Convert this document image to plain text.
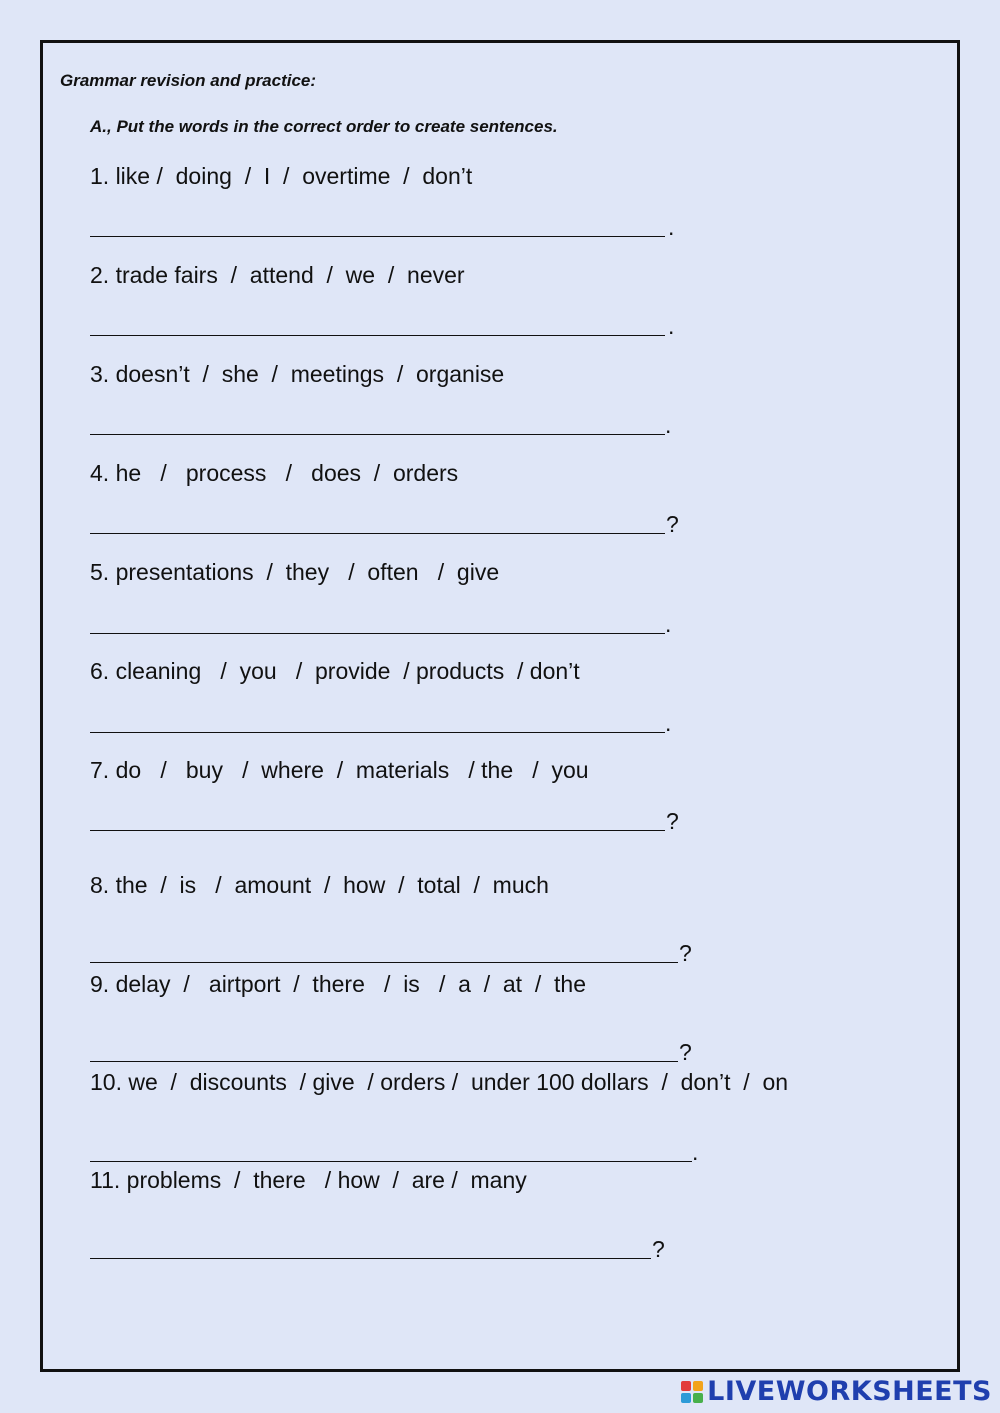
Grammar revision and practice:
A., Put the words in the correct order to create sentences.
1. like /  doing  /  I  /  overtime  /  don’t
.
2. trade fairs  /  attend  /  we  /  never
.
3. doesn’t  /  she  /  meetings  /  organise
.
4. he   /   process   /   does  /  orders
?
5. presentations  /  they   /  often   /  give
.
6. cleaning   /  you   /  provide  / products  / don’t
.
7. do   /   buy   /  where  /  materials   / the   /  you
?
8. the  /  is   /  amount  /  how  /  total  /  much
?
9. delay  /   airtport  /  there   /  is   /  a  /  at  /  the
?
10. we  /  discounts  / give  / orders /  under 100 dollars  /  don’t  /  on
.
11. problems  /  there   / how  /  are /  many
?
LIVEWORKSHEETS
